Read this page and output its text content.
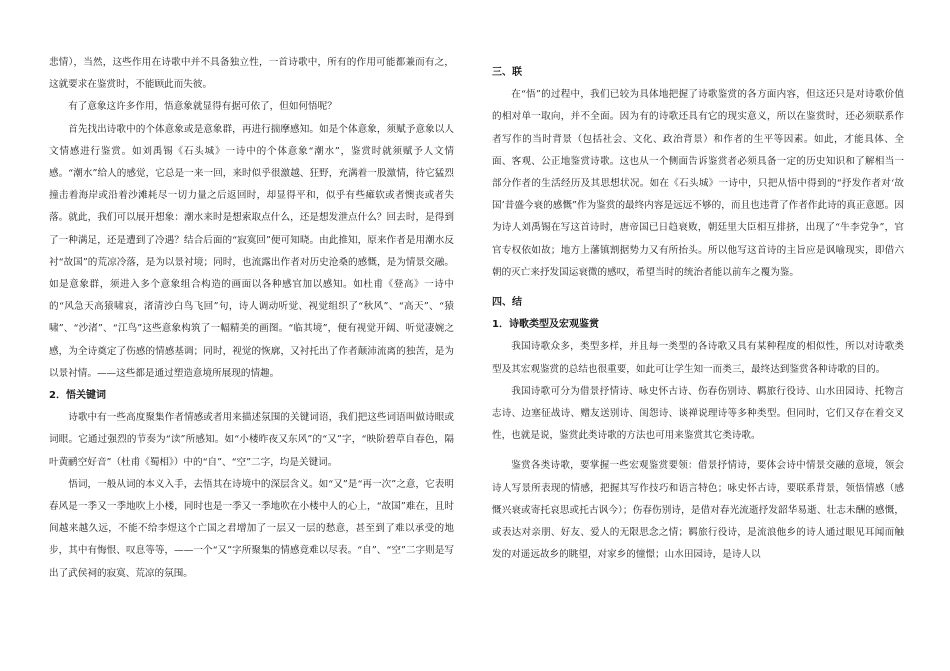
悲情），当然，这些作用在诗歌中并不具备独立性，一首诗歌中，所有的作用可能都兼而有之，这就要求在鉴赏时，不能顾此而失彼。

有了意象这许多作用，悟意象就显得有据可依了，但如何悟呢？

首先找出诗歌中的个体意象或是意象群，再进行揣摩感知。如是个体意象，须赋予意象以人文情感进行鉴赏。如刘禹锡《石头城》一诗中的个体意象“潮水”，鉴赏时就须赋予人文情感。“潮水”给人的感觉，它总是一来一回，来时似乎很激越、狂野，充满着一股激情，待它猛烈撞击着海岸或沿着沙滩耗尽一切力量之后返回时，却显得平和，似乎有些瘫软或者懊丧或者失落。就此，我们可以展开想象：潮水来时是想索取点什么，还是想发泄点什么？回去时，是得到了一种满足，还是遭到了冷遇？结合后面的“寂寞回”便可知晓。由此推知，原来作者是用潮水反衬“故国”的荒凉冷落，是为以景衬境；同时，也流露出作者对历史沧桑的感慨，是为情景交融。如是意象群，须进入多个意象组合构造的画面以各种感官加以感知。如杜甫《登高》一诗中的“风急天高猿啸哀，渚清沙白鸟飞回”句，诗人调动听觉、视觉组织了“秋风”、“高天”、“猿啸”、“沙渚”、“江鸟”这些意象构筑了一幅精美的画图。“临其境”，便有视觉开阔、听觉凄婉之感，为全诗奠定了伤感的情感基调；同时，视觉的恢廓，又衬托出了作者颠沛流离的独苦，是为以景衬情。——这些都是通过塑造意境所展现的情趣。

2．悟关键词

诗歌中有一些高度聚集作者情感或者用来描述氛围的关键词语，我们把这些词语叫做诗眼或词眼。它通过强烈的节奏为“读”所感知。如“小楼昨夜又东风”的“又”字，“映阶碧草自春色，隔叶黄鹂空好音”（杜甫《蜀相》）中的“自”、“空”二字，均是关键词。

悟词，一般从词的本义入手，去悟其在诗境中的深层含义。如“又”是“再一次”之意，它表明春风是一季又一季地吹上小楼，同时也是一季又一季地吹在小楼中人的心上，“故国”难在，且时间越来越久远，不能不给李煜这个亡国之君增加了一层又一层的愁意，甚至到了难以承受的地步，其中有悔恨、叹息等等，——一个“又”字所聚集的情感竟难以尽表。“自”、“空”二字则是写出了武侯祠的寂寞、荒凉的氛围。

三、联

在“悟”的过程中，我们已较为具体地把握了诗歌鉴赏的各方面内容，但这还只是对诗歌价值的相对单一取向，并不全面。因为有的诗歌还具有它的现实意义，所以在鉴赏时，还必须联系作者写作的当时背景（包括社会、文化、政治背景）和作者的生平等因素。如此，才能具体、全面、客观、公正地鉴赏诗歌。这也从一个侧面告诉鉴赏者必须具备一定的历史知识和了解相当一部分作者的生活经历及其思想状况。如在《石头城》一诗中，只把从悟中得到的“抒发作者对‘故国’昔盛今衰的感慨”作为鉴赏的最终内容是远远不够的，而且也违背了作者作此诗的真正意愿。因为诗人刘禹锡在写这首诗时，唐帝国已日趋衰败，朝廷里大臣相互排挤，出现了“牛李党争”，官官专权依如故；地方上藩镇割据势力又有所抬头。所以他写这首诗的主旨应是讽喻现实，即借六朝的灭亡来抒发国运衰微的感叹，希望当时的统治者能以前车之覆为鉴。

四、结
1．诗歌类型及宏观鉴赏

我国诗歌众多，类型多样，并且每一类型的各诗歌又具有某种程度的相似性，所以对诗歌类型及其宏观鉴赏的总结也很重要，如此可让学生知一而类三，最终达到鉴赏各种诗歌的目的。

我国诗歌可分为借景抒情诗、咏史怀古诗、伤春伤别诗、羁旅行役诗、山水田园诗、托物言志诗、边塞征战诗、赠友送别诗、闺怨诗、谈禅说理诗等多种类型。但同时，它们又存在着交叉性，也就是说，鉴赏此类诗歌的方法也可用来鉴赏其它类诗歌。

鉴赏各类诗歌，要掌握一些宏观鉴赏要领：借景抒情诗，要体会诗中情景交融的意境，领会诗人写景所表现的情感，把握其写作技巧和语言特色；咏史怀古诗，要联系背景，领悟情感（感慨兴衰或寄托哀思或托古讽今）；伤春伤别诗，是借对春光流逝抒发韶华易逝、壮志未酬的感慨，或表达对亲朋、好友、爱人的无限思念之情；羁旅行役诗，是流浪他乡的诗人通过眼见耳闻而触发的对遥远故乡的眺望，对家乡的憧憬；山水田园诗，是诗人以
